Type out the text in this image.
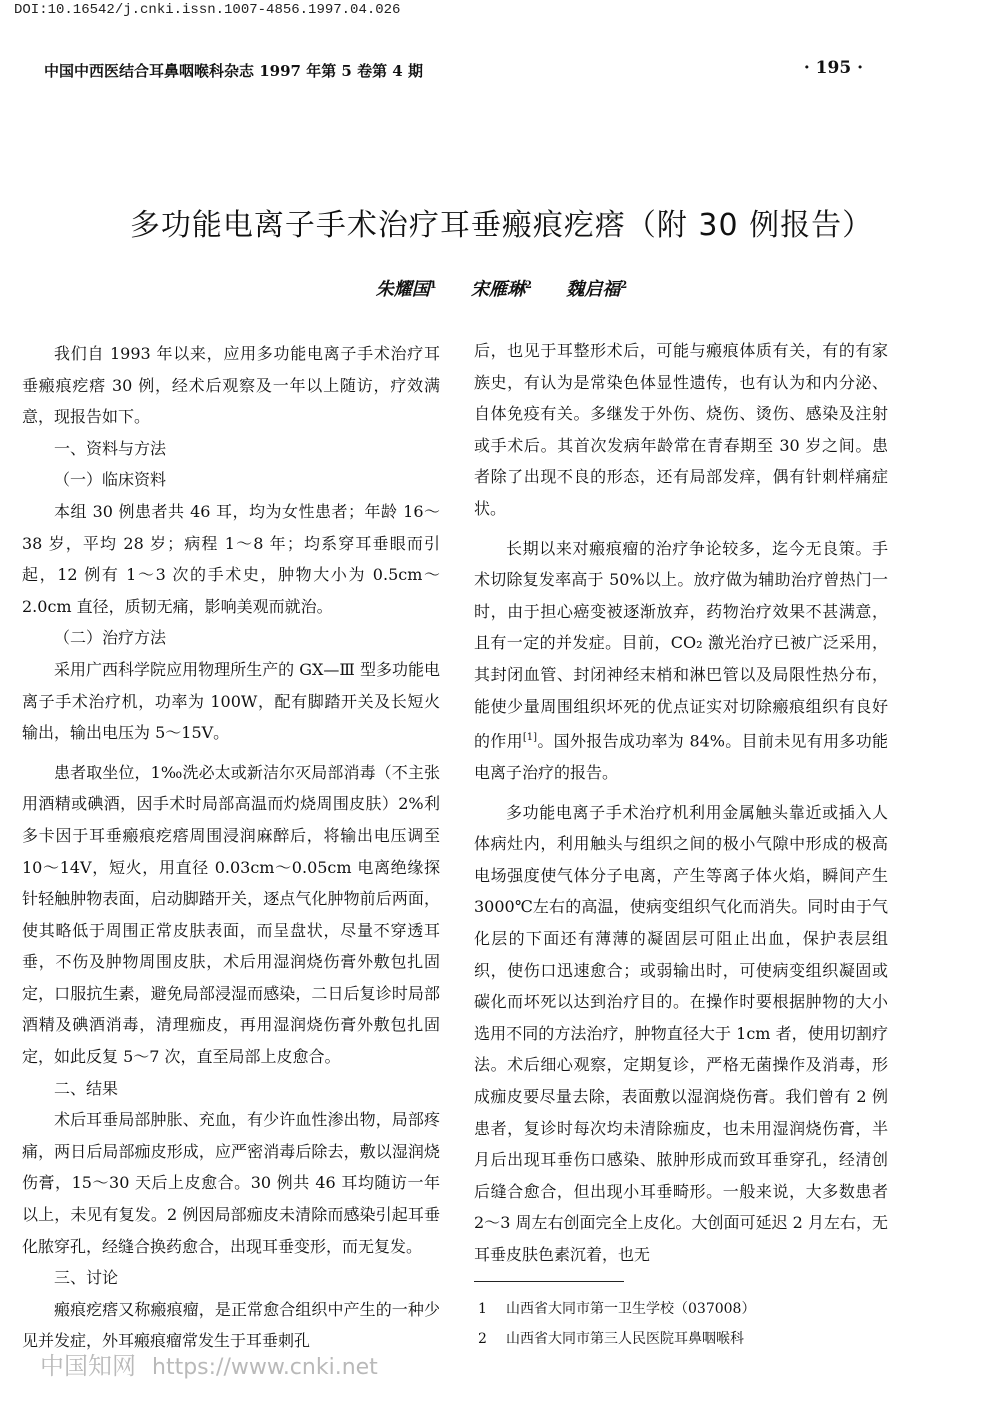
DOI:10.16542/j.cnki.issn.1007-4856.1997.04.026
中国中西医结合耳鼻咽喉科杂志 1997 年第 5 卷第 4 期	· 195 ·
多功能电离子手术治疗耳垂瘢痕疙瘩（附 30 例报告）
朱耀国$^1$ 宋雁琳$^2$ 魏启福$^2$

我们自 1993 年以来，应用多功能电离子手术治疗耳垂瘢痕疙瘩 30 例，经术后观察及一年以上随访，疗效满意，现报告如下。

一、资料与方法

（一）临床资料

本组 30 例患者共 46 耳，均为女性患者；年龄 16～38 岁，平均 28 岁；病程 1～8 年；均系穿耳垂眼而引起，12 例有 1～3 次的手术史，肿物大小为 0.5cm～2.0cm 直径，质韧无痛，影响美观而就治。

（二）治疗方法

采用广西科学院应用物理所生产的 GX—Ⅲ 型多功能电离子手术治疗机，功率为 100W，配有脚踏开关及长短火输出，输出电压为 5～15V。

患者取坐位，1‰洗必太或新洁尔灭局部消毒（不主张用酒精或碘酒，因手术时局部高温而灼烧周围皮肤）2%利多卡因于耳垂瘢痕疙瘩周围浸润麻醉后，将输出电压调至 10～14V，短火，用直径 0.03cm～0.05cm 电离绝缘探针轻触肿物表面，启动脚踏开关，逐点气化肿物前后两面，使其略低于周围正常皮肤表面，而呈盘状，尽量不穿透耳垂，不伤及肿物周围皮肤，术后用湿润烧伤膏外敷包扎固定，口服抗生素，避免局部浸湿而感染，二日后复诊时局部酒精及碘酒消毒，清理痂皮，再用湿润烧伤膏外敷包扎固定，如此反复 5～7 次，直至局部上皮愈合。

二、结果

术后耳垂局部肿胀、充血，有少许血性渗出物，局部疼痛，两日后局部痂皮形成，应严密消毒后除去，敷以湿润烧伤膏，15～30 天后上皮愈合。30 例共 46 耳均随访一年以上，未见有复发。2 例因局部痂皮未清除而感染引起耳垂化脓穿孔，经缝合换药愈合，出现耳垂变形，而无复发。

三、讨论

瘢痕疙瘩又称瘢痕瘤，是正常愈合组织中产生的一种少见并发症，外耳瘢痕瘤常发生于耳垂刺孔

后，也见于耳整形术后，可能与瘢痕体质有关，有的有家族史，有认为是常染色体显性遗传，也有认为和内分泌、自体免疫有关。多继发于外伤、烧伤、烫伤、感染及注射或手术后。其首次发病年龄常在青春期至 30 岁之间。患者除了出现不良的形态，还有局部发痒，偶有针刺样痛症状。

长期以来对瘢痕瘤的治疗争论较多，迄今无良策。手术切除复发率高于 50%以上。放疗做为辅助治疗曾热门一时，由于担心癌变被逐渐放弃，药物治疗效果不甚满意，且有一定的并发症。目前，CO₂ 激光治疗已被广泛采用，其封闭血管、封闭神经末梢和淋巴管以及局限性热分布，能使少量周围组织坏死的优点证实对切除瘢痕组织有良好的作用[1]。国外报告成功率为 84%。目前未见有用多功能电离子治疗的报告。

多功能电离子手术治疗机利用金属触头靠近或插入人体病灶内，利用触头与组织之间的极小气隙中形成的极高电场强度使气体分子电离，产生等离子体火焰，瞬间产生 3000℃左右的高温，使病变组织气化而消失。同时由于气化层的下面还有薄薄的凝固层可阻止出血，保护表层组织，使伤口迅速愈合；或弱输出时，可使病变组织凝固或碳化而坏死以达到治疗目的。在操作时要根据肿物的大小选用不同的方法治疗，肿物直径大于 1cm 者，使用切割疗法。术后细心观察，定期复诊，严格无菌操作及消毒，形成痂皮要尽量去除，表面敷以湿润烧伤膏。我们曾有 2 例患者，复诊时每次均未清除痂皮，也未用湿润烧伤膏，半月后出现耳垂伤口感染、脓肿形成而致耳垂穿孔，经清创后缝合愈合，但出现小耳垂畸形。一般来说，大多数患者 2～3 周左右创面完全上皮化。大创面可延迟 2 月左右，无耳垂皮肤色素沉着，也无

1 山西省大同市第一卫生学校（037008）
2 山西省大同市第三人民医院耳鼻咽喉科
中国知网 https://www.cnki.net
